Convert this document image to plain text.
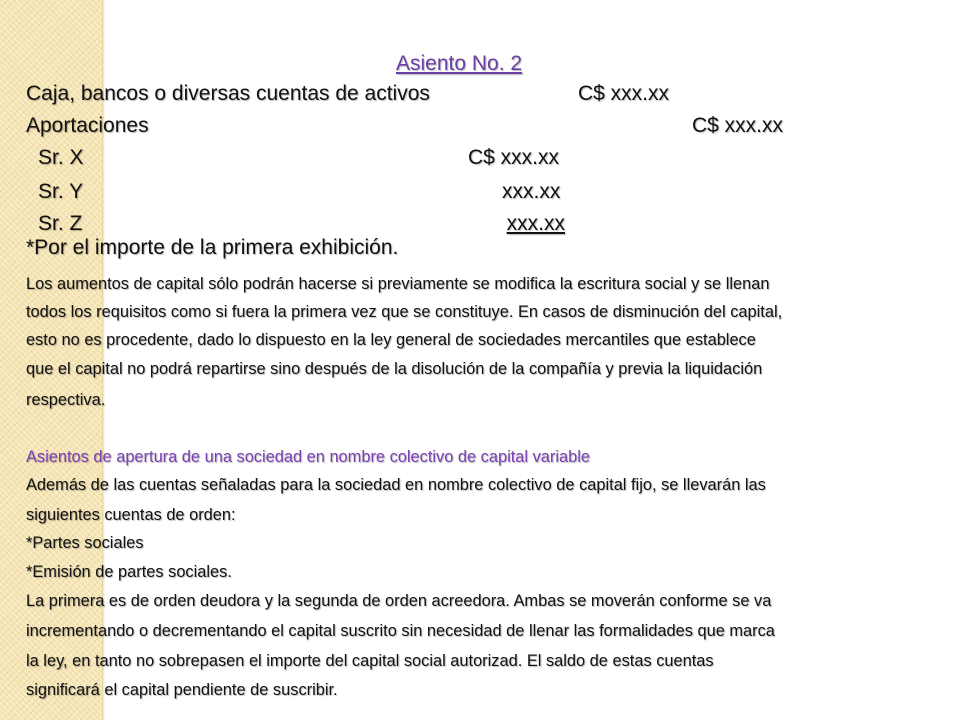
Asiento No. 2
Caja, bancos o diversas cuentas de activos	C$ xxx.xx
Aportaciones	C$ xxx.xx
Sr. X	C$ xxx.xx
Sr. Y	xxx.xx
Sr. Z	xxx.xx
*Por el importe de la primera exhibición.
Los aumentos de capital sólo podrán hacerse si previamente se modifica la escritura social y se llenan
todos los requisitos como si fuera la primera vez que se constituye. En casos de disminución del capital,
esto no es procedente, dado lo dispuesto en la ley general de sociedades mercantiles que establece
que el capital no podrá repartirse sino después de la disolución de la compañía y previa la liquidación
respectiva.
Asientos de apertura de una sociedad en nombre colectivo de capital variable
Además de las cuentas señaladas para la sociedad en nombre colectivo de capital fijo, se llevarán las
siguientes cuentas de orden:
*Partes sociales
*Emisión de partes sociales.
La primera es de orden deudora y la segunda de orden acreedora. Ambas se moverán conforme se va
incrementando o decrementando el capital suscrito sin necesidad de llenar las formalidades que marca
la ley, en tanto no sobrepasen el importe del capital social autorizad. El saldo de estas cuentas
significará el capital pendiente de suscribir.
